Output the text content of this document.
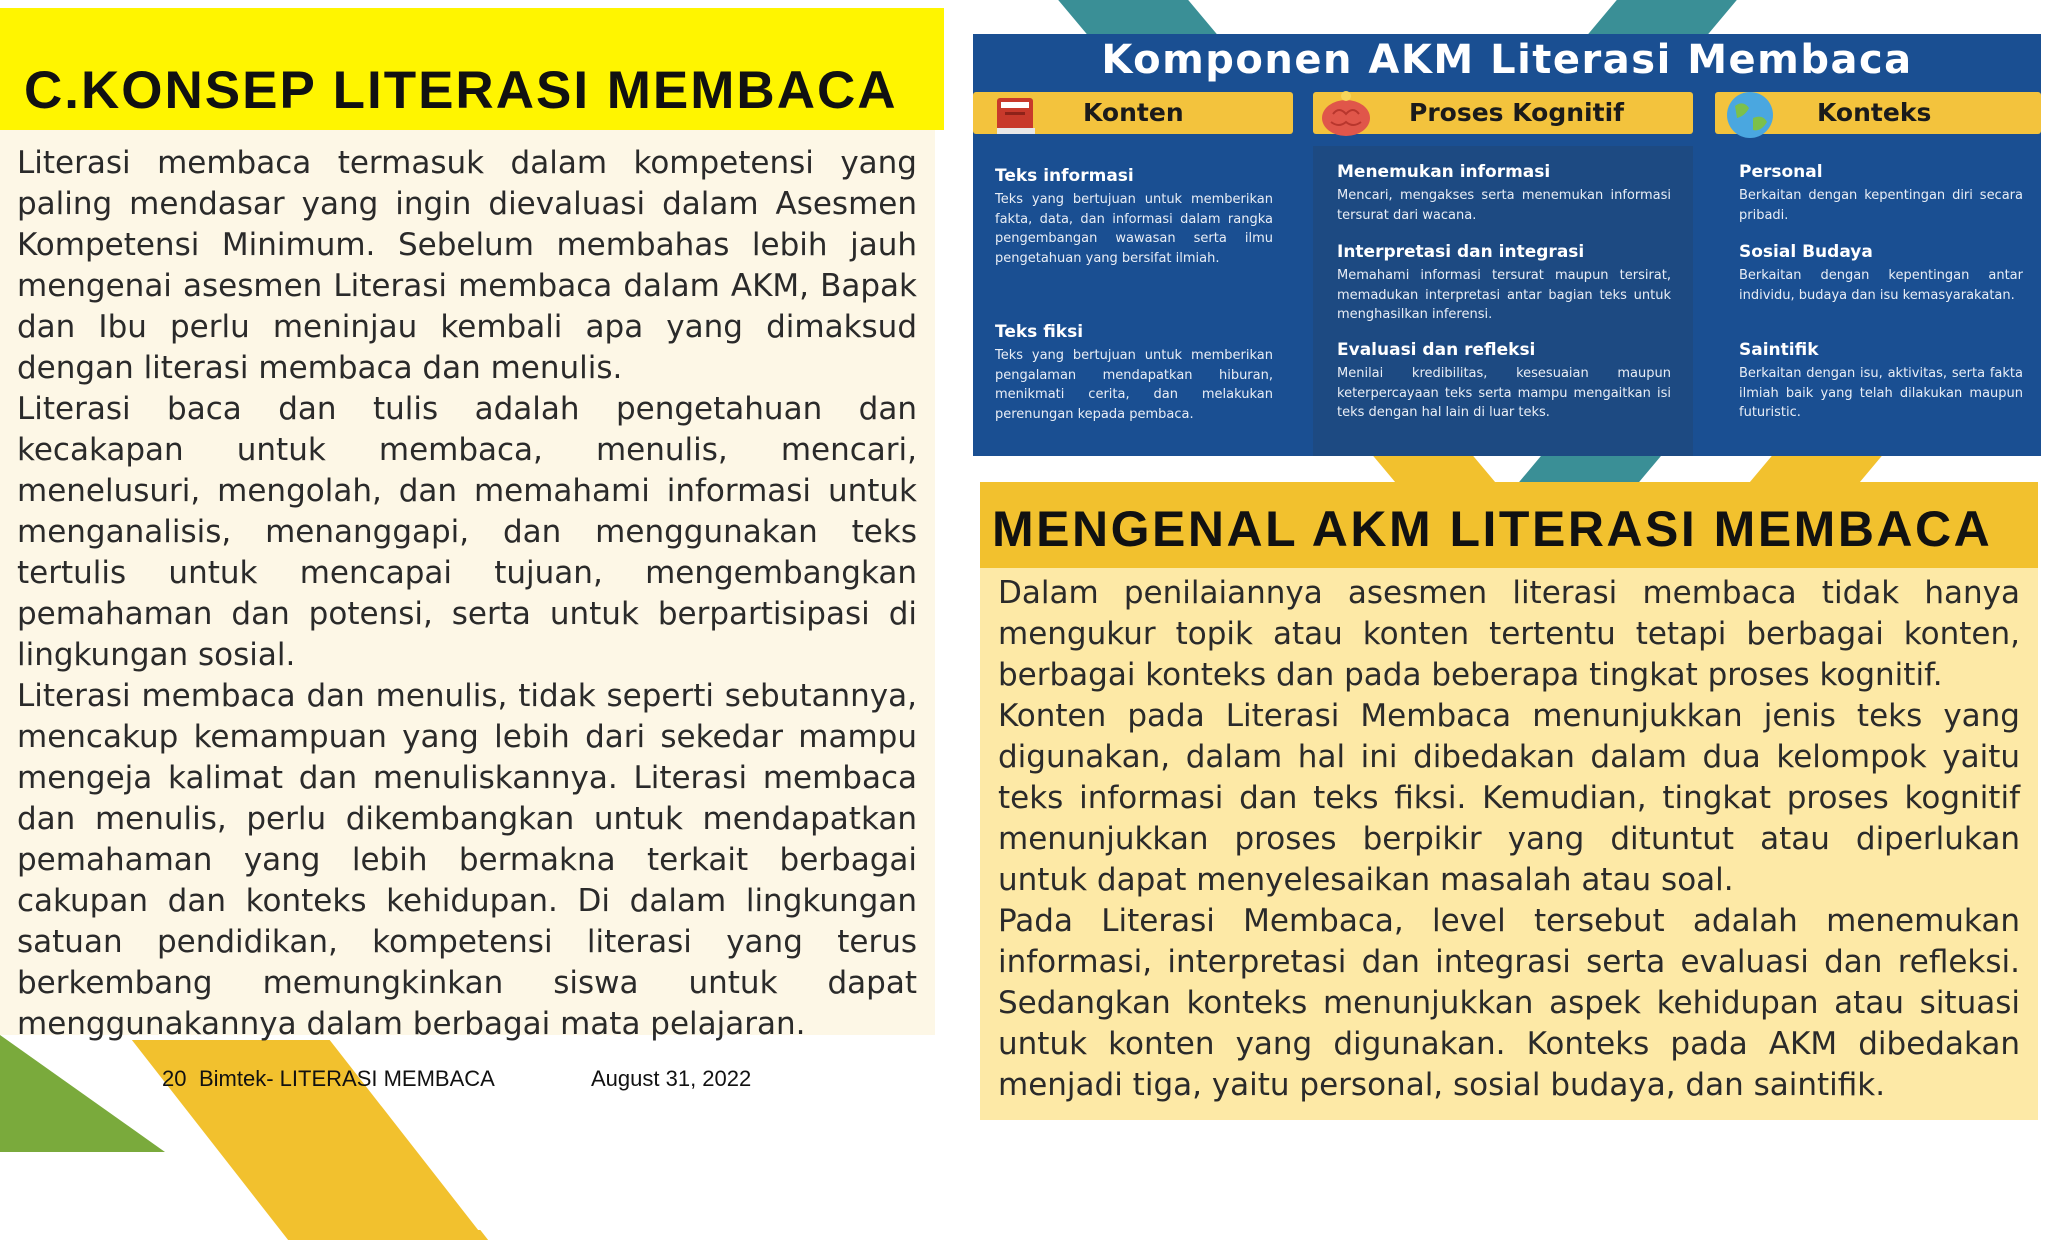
C.KONSEP LITERASI MEMBACA

Literasi membaca termasuk dalam kompetensi yang paling mendasar yang ingin dievaluasi dalam Asesmen Kompetensi Minimum. Sebelum membahas lebih jauh mengenai asesmen Literasi membaca dalam AKM, Bapak dan Ibu perlu meninjau kembali apa yang dimaksud dengan literasi membaca dan menulis.

Literasi baca dan tulis adalah pengetahuan dan kecakapan untuk membaca, menulis, mencari, menelusuri, mengolah, dan memahami informasi untuk menganalisis, menanggapi, dan menggunakan teks tertulis untuk mencapai tujuan, mengembangkan pemahaman dan potensi, serta untuk berpartisipasi di lingkungan sosial.

Literasi membaca dan menulis, tidak seperti sebutannya, mencakup kemampuan yang lebih dari sekedar mampu mengeja kalimat dan menuliskannya. Literasi membaca dan menulis, perlu dikembangkan untuk mendapatkan pemahaman yang lebih bermakna terkait berbagai cakupan dan konteks kehidupan. Di dalam lingkungan satuan pendidikan, kompetensi literasi yang terus berkembang memungkinkan siswa untuk dapat menggunakannya dalam berbagai mata pelajaran.

20 Bimtek- LITERASI MEMBACA	August 31, 2022
Komponen AKM Literasi Membaca
Konten
Teks informasi
Teks yang bertujuan untuk memberikan fakta, data, dan informasi dalam rangka pengembangan wawasan serta ilmu pengetahuan yang bersifat ilmiah.
Teks fiksi
Teks yang bertujuan untuk memberikan pengalaman mendapatkan hiburan, menikmati cerita, dan melakukan perenungan kepada pembaca.
Proses Kognitif
Menemukan informasi
Mencari, mengakses serta menemukan informasi tersurat dari wacana.
Interpretasi dan integrasi
Memahami informasi tersurat maupun tersirat, memadukan interpretasi antar bagian teks untuk menghasilkan inferensi.
Evaluasi dan refleksi
Menilai kredibilitas, kesesuaian maupun keterpercayaan teks serta mampu mengaitkan isi teks dengan hal lain di luar teks.
Konteks
Personal
Berkaitan dengan kepentingan diri secara pribadi.
Sosial Budaya
Berkaitan dengan kepentingan antar individu, budaya dan isu kemasyarakatan.
Saintifik
Berkaitan dengan isu, aktivitas, serta fakta ilmiah baik yang telah dilakukan maupun futuristic.
MENGENAL AKM LITERASI MEMBACA

Dalam penilaiannya asesmen literasi membaca tidak hanya mengukur topik atau konten tertentu tetapi berbagai konten, berbagai konteks dan pada beberapa tingkat proses kognitif.

Konten pada Literasi Membaca menunjukkan jenis teks yang digunakan, dalam hal ini dibedakan dalam dua kelompok yaitu teks informasi dan teks fiksi. Kemudian, tingkat proses kognitif menunjukkan proses berpikir yang dituntut atau diperlukan untuk dapat menyelesaikan masalah atau soal.

Pada Literasi Membaca, level tersebut adalah menemukan informasi, interpretasi dan integrasi serta evaluasi dan refleksi. Sedangkan konteks menunjukkan aspek kehidupan atau situasi untuk konten yang digunakan. Konteks pada AKM dibedakan menjadi tiga, yaitu personal, sosial budaya, dan saintifik.
